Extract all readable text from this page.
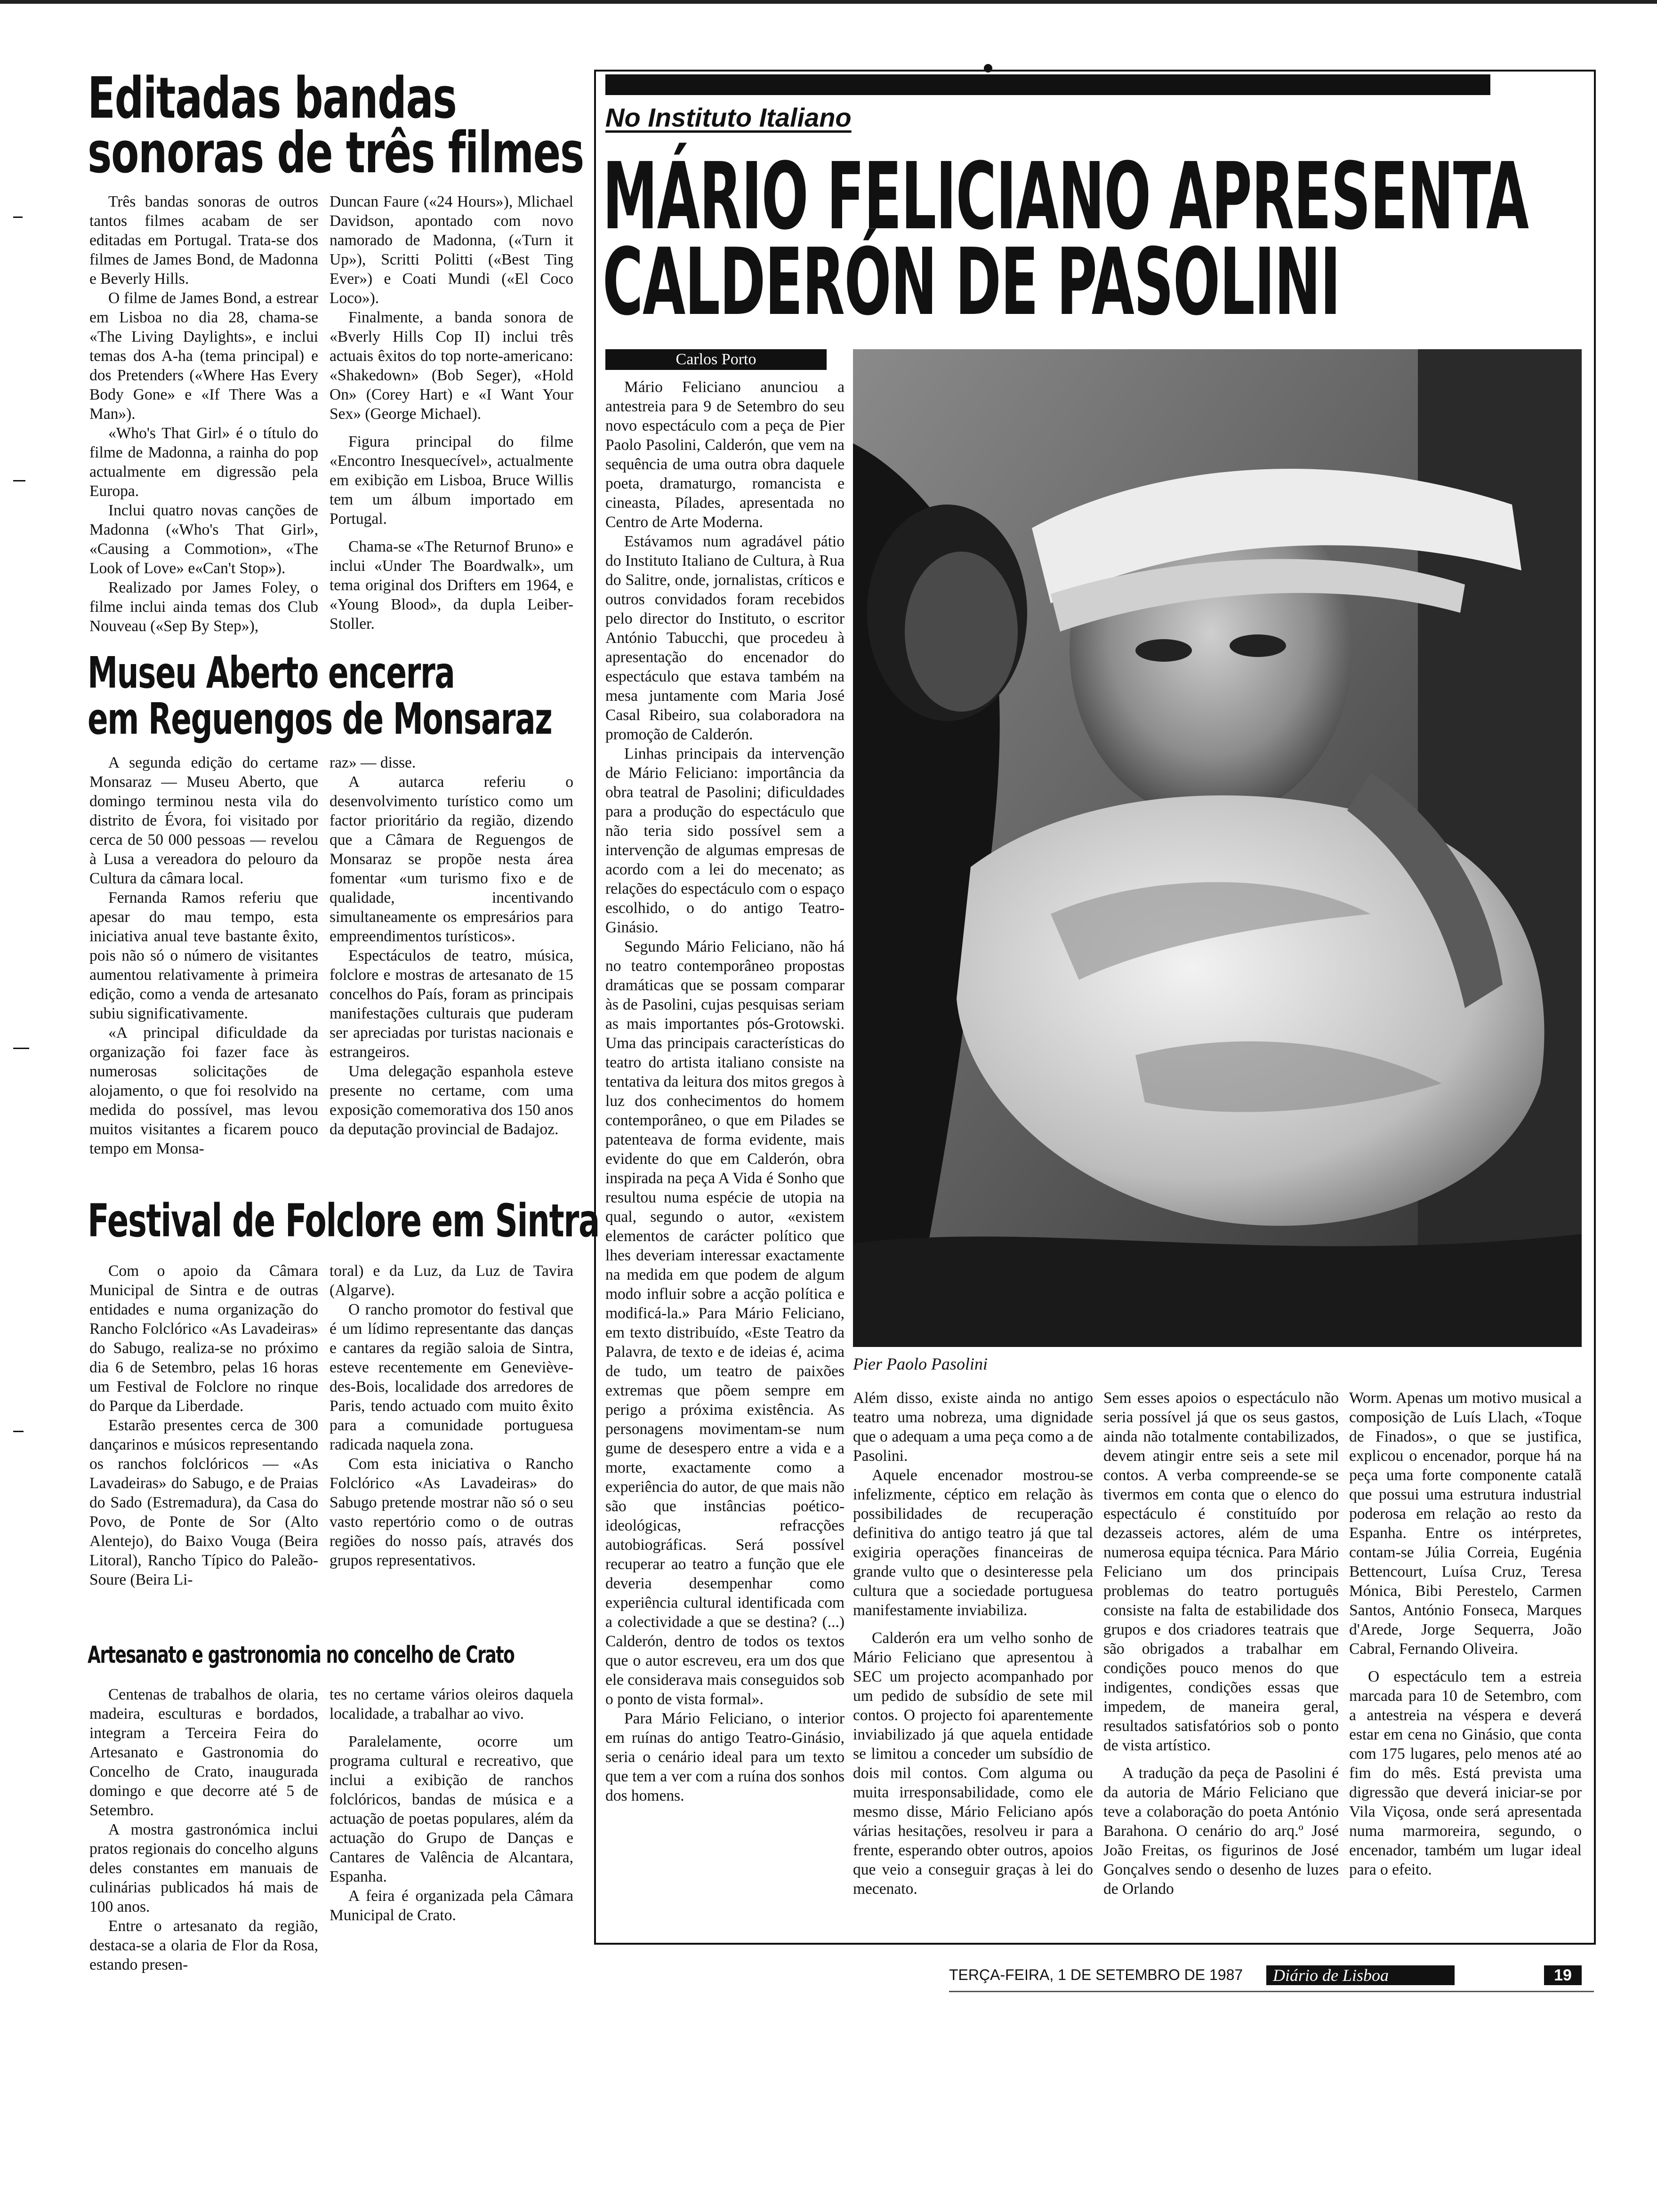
Editadas bandas
sonoras de três filmes

Três bandas sonoras de outros tantos filmes acabam de ser editadas em Portugal. Trata-se dos filmes de James Bond, de Madonna e Beverly Hills.

O filme de James Bond, a estrear em Lisboa no dia 28, chama-se «The Living Daylights», e inclui temas dos A-ha (tema principal) e dos Pretenders («Where Has Every Body Gone» e «If There Was a Man»).

«Who's That Girl» é o título do filme de Madonna, a rainha do pop actualmente em digressão pela Europa.

Inclui quatro novas canções de Madonna («Who's That Girl», «Causing a Commotion», «The Look of Love» e«Can't Stop»).

Realizado por James Foley, o filme inclui ainda temas dos Club Nouveau («Sep By Step»),

Duncan Faure («24 Hours»), Mlichael Davidson, apontado com novo namorado de Madonna, («Turn it Up»), Scritti Politti («Best Ting Ever») e Coati Mundi («El Coco Loco»).

Finalmente, a banda sonora de «Bverly Hills Cop II) inclui três actuais êxitos do top norte-americano: «Shakedown» (Bob Seger), «Hold On» (Corey Hart) e «I Want Your Sex» (George Michael).

Figura principal do filme «Encontro Inesquecível», actualmente em exibição em Lisboa, Bruce Willis tem um álbum importado em Portugal.

Chama-se «The Returnof Bruno» e inclui «Under The Boardwalk», um tema original dos Drifters em 1964, e «Young Blood», da dupla Leiber-Stoller.

Museu Aberto encerra
em Reguengos de Monsaraz

A segunda edição do certame Monsaraz — Museu Aberto, que domingo terminou nesta vila do distrito de Évora, foi visitado por cerca de 50 000 pessoas — revelou à Lusa a vereadora do pelouro da Cultura da câmara local.

Fernanda Ramos referiu que apesar do mau tempo, esta iniciativa anual teve bastante êxito, pois não só o número de visitantes aumentou relativamente à primeira edição, como a venda de artesanato subiu significativamente.

«A principal dificuldade da organização foi fazer face às numerosas solicitações de alojamento, o que foi resolvido na medida do possível, mas levou muitos visitantes a ficarem pouco tempo em Monsa-

raz» — disse.

A autarca referiu o desenvolvimento turístico como um factor prioritário da região, dizendo que a Câmara de Reguengos de Monsaraz se propõe nesta área fomentar «um turismo fixo e de qualidade, incentivando simultaneamente os empresários para empreendimentos turísticos».

Espectáculos de teatro, música, folclore e mostras de artesanato de 15 concelhos do País, foram as principais manifestações culturais que puderam ser apreciadas por turistas nacionais e estrangeiros.

Uma delegação espanhola esteve presente no certame, com uma exposição comemorativa dos 150 anos da deputação provincial de Badajoz.

Festival de Folclore em Sintra

Com o apoio da Câmara Municipal de Sintra e de outras entidades e numa organização do Rancho Folclórico «As Lavadeiras» do Sabugo, realiza-se no próximo dia 6 de Setembro, pelas 16 horas um Festival de Folclore no rinque do Parque da Liberdade.

Estarão presentes cerca de 300 dançarinos e músicos representando os ranchos folclóricos — «As Lavadeiras» do Sabugo, e de Praias do Sado (Estremadura), da Casa do Povo, de Ponte de Sor (Alto Alentejo), do Baixo Vouga (Beira Litoral), Rancho Típico do Paleão-Soure (Beira Li-

toral) e da Luz, da Luz de Tavira (Algarve).

O rancho promotor do festival que é um lídimo representante das danças e cantares da região saloia de Sintra, esteve recentemente em Geneviève-des-Bois, localidade dos arredores de Paris, tendo actuado com muito êxito para a comunidade portuguesa radicada naquela zona.

Com esta iniciativa o Rancho Folclórico «As Lavadeiras» do Sabugo pretende mostrar não só o seu vasto repertório como o de outras regiões do nosso país, através dos grupos representativos.

Artesanato e gastronomia no concelho de Crato

Centenas de trabalhos de olaria, madeira, esculturas e bordados, integram a Terceira Feira do Artesanato e Gastronomia do Concelho de Crato, inaugurada domingo e que decorre até 5 de Setembro.

A mostra gastronómica inclui pratos regionais do concelho alguns deles constantes em manuais de culinárias publicados há mais de 100 anos.

Entre o artesanato da região, destaca-se a olaria de Flor da Rosa, estando presen-

tes no certame vários oleiros daquela localidade, a trabalhar ao vivo.

Paralelamente, ocorre um programa cultural e recreativo, que inclui a exibição de ranchos folclóricos, bandas de música e a actuação de poetas populares, além da actuação do Grupo de Danças e Cantares de Valência de Alcantara, Espanha.

A feira é organizada pela Câmara Municipal de Crato.

No Instituto Italiano
MÁRIO FELICIANO APRESENTA
CALDERÓN DE PASOLINI
Carlos Porto
Pier Paolo Pasolini

Mário Feliciano anunciou a antestreia para 9 de Setembro do seu novo espectáculo com a peça de Pier Paolo Pasolini, Calderón, que vem na sequência de uma outra obra daquele poeta, dramaturgo, romancista e cineasta, Pílades, apresentada no Centro de Arte Moderna.

Estávamos num agradável pátio do Instituto Italiano de Cultura, à Rua do Salitre, onde, jornalistas, críticos e outros convidados foram recebidos pelo director do Instituto, o escritor António Tabucchi, que procedeu à apresentação do encenador do espectáculo que estava também na mesa juntamente com Maria José Casal Ribeiro, sua colaboradora na promoção de Calderón.

Linhas principais da intervenção de Mário Feliciano: importância da obra teatral de Pasolini; dificuldades para a produção do espectáculo que não teria sido possível sem a intervenção de algumas empresas de acordo com a lei do mecenato; as relações do espectáculo com o espaço escolhido, o do antigo Teatro-Ginásio.

Segundo Mário Feliciano, não há no teatro contemporâneo propostas dramáticas que se possam comparar às de Pasolini, cujas pesquisas seriam as mais importantes pós-Grotowski. Uma das principais características do teatro do artista italiano consiste na tentativa da leitura dos mitos gregos à luz dos conhecimentos do homem contemporâneo, o que em Pilades se patenteava de forma evidente, mais evidente do que em Calderón, obra inspirada na peça A Vida é Sonho que resultou numa espécie de utopia na qual, segundo o autor, «existem elementos de carácter político que lhes deveriam interessar exactamente na medida em que podem de algum modo influir sobre a acção política e modificá-la.» Para Mário Feliciano, em texto distribuído, «Este Teatro da Palavra, de texto e de ideias é, acima de tudo, um teatro de paixões extremas que põem sempre em perigo a próxima existência. As personagens movimentam-se num gume de desespero entre a vida e a morte, exactamente como a experiência do autor, de que mais não são que instâncias poético-ideológicas, refracções autobiográficas. Será possível recuperar ao teatro a função que ele deveria desempenhar como experiência cultural identificada com a colectividade a que se destina? (...) Calderón, dentro de todos os textos que o autor escreveu, era um dos que ele considerava mais conseguidos sob o ponto de vista formal».

Para Mário Feliciano, o interior em ruínas do antigo Teatro-Ginásio, seria o cenário ideal para um texto que tem a ver com a ruína dos sonhos dos homens.

Além disso, existe ainda no antigo teatro uma nobreza, uma dignidade que o adequam a uma peça como a de Pasolini.

Aquele encenador mostrou-se infelizmente, céptico em relação às possibilidades de recuperação definitiva do antigo teatro já que tal exigiria operações financeiras de grande vulto que o desinteresse pela cultura que a sociedade portuguesa manifestamente inviabiliza.

Calderón era um velho sonho de Mário Feliciano que apresentou à SEC um projecto acompanhado por um pedido de subsídio de sete mil contos. O projecto foi aparentemente inviabilizado já que aquela entidade se limitou a conceder um subsídio de dois mil contos. Com alguma ou muita irresponsabilidade, como ele mesmo disse, Mário Feliciano após várias hesitações, resolveu ir para a frente, esperando obter outros, apoios que veio a conseguir graças à lei do mecenato.

Sem esses apoios o espectáculo não seria possível já que os seus gastos, ainda não totalmente contabilizados, devem atingir entre seis a sete mil contos. A verba compreende-se se tivermos em conta que o elenco do espectáculo é constituído por dezasseis actores, além de uma numerosa equipa técnica. Para Mário Feliciano um dos principais problemas do teatro português consiste na falta de estabilidade dos grupos e dos criadores teatrais que são obrigados a trabalhar em condições pouco menos do que indigentes, condições essas que impedem, de maneira geral, resultados satisfatórios sob o ponto de vista artístico.

A tradução da peça de Pasolini é da autoria de Mário Feliciano que teve a colaboração do poeta António Barahona. O cenário do arq.º José João Freitas, os figurinos de José Gonçalves sendo o desenho de luzes de Orlando

Worm. Apenas um motivo musical a composição de Luís Llach, «Toque de Finados», o que se justifica, explicou o encenador, porque há na peça uma forte componente catalã que possui uma estrutura industrial poderosa em relação ao resto da Espanha. Entre os intérpretes, contam-se Júlia Correia, Eugénia Bettencourt, Luísa Cruz, Teresa Mónica, Bibi Perestelo, Carmen Santos, António Fonseca, Marques d'Arede, Jorge Sequerra, João Cabral, Fernando Oliveira.

O espectáculo tem a estreia marcada para 10 de Setembro, com a antestreia na véspera e deverá estar em cena no Ginásio, que conta com 175 lugares, pelo menos até ao fim do mês. Está prevista uma digressão que deverá iniciar-se por Vila Viçosa, onde será apresentada numa marmoreira, segundo, o encenador, também um lugar ideal para o efeito.

TERÇA-FEIRA, 1 DE SETEMBRO DE 1987	Diário de Lisboa	19
